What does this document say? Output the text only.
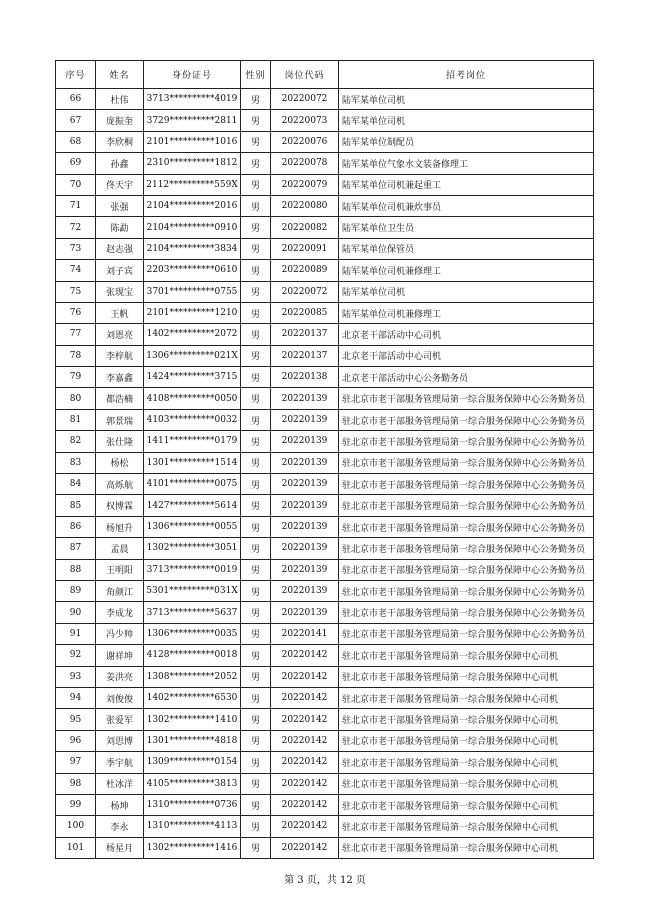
序号	姓名	身份证号	性别	岗位代码	招考岗位
66	杜伟	3713**********4019	男	20220072	陆军某单位司机
67	庞振奎	3729**********2811	男	20220073	陆军某单位司机
68	李欣桐	2101**********1016	男	20220076	陆军某单位制配员
69	孙鑫	2310**********1812	男	20220078	陆军某单位气象水文装备修理工
70	佟天宇	2112**********559X	男	20220079	陆军某单位司机兼起重工
71	张强	2104**********2016	男	20220080	陆军某单位司机兼炊事员
72	陈勐	2104**********0910	男	20220082	陆军某单位卫生员
73	赵志强	2104**********3834	男	20220091	陆军某单位保管员
74	刘子宾	2203**********0610	男	20220089	陆军某单位司机兼修理工
75	张现宝	3701**********0755	男	20220072	陆军某单位司机
76	王帆	2101**********1210	男	20220085	陆军某单位司机兼修理工
77	刘恩亮	1402**********2072	男	20220137	北京老干部活动中心司机
78	李梓航	1306**********021X	男	20220137	北京老干部活动中心司机
79	李嘉鑫	1424**********3715	男	20220138	北京老干部活动中心公务勤务员
80	都浩楠	4108**********0050	男	20220139	驻北京市老干部服务管理局第一综合服务保障中心公务勤务员
81	郭景瑞	4103**********0032	男	20220139	驻北京市老干部服务管理局第一综合服务保障中心公务勤务员
82	张仕隆	1411**********0179	男	20220139	驻北京市老干部服务管理局第一综合服务保障中心公务勤务员
83	杨松	1301**********1514	男	20220139	驻北京市老干部服务管理局第一综合服务保障中心公务勤务员
84	高烁航	4101**********0075	男	20220139	驻北京市老干部服务管理局第一综合服务保障中心公务勤务员
85	权博霖	1427**********5614	男	20220139	驻北京市老干部服务管理局第一综合服务保障中心公务勤务员
86	杨旭升	1306**********0055	男	20220139	驻北京市老干部服务管理局第一综合服务保障中心公务勤务员
87	孟晨	1302**********3051	男	20220139	驻北京市老干部服务管理局第一综合服务保障中心公务勤务员
88	王明阳	3713**********0019	男	20220139	驻北京市老干部服务管理局第一综合服务保障中心公务勤务员
89	角颜江	5301**********031X	男	20220139	驻北京市老干部服务管理局第一综合服务保障中心公务勤务员
90	李成龙	3713**********5637	男	20220139	驻北京市老干部服务管理局第一综合服务保障中心公务勤务员
91	冯少帅	1306**********0035	男	20220141	驻北京市老干部服务管理局第一综合服务保障中心公务勤务员
92	谢祥坤	4128**********0018	男	20220142	驻北京市老干部服务管理局第一综合服务保障中心司机
93	姜洪亮	1308**********2052	男	20220142	驻北京市老干部服务管理局第一综合服务保障中心司机
94	刘俊俊	1402**********6530	男	20220142	驻北京市老干部服务管理局第一综合服务保障中心司机
95	张爱军	1302**********1410	男	20220142	驻北京市老干部服务管理局第一综合服务保障中心司机
96	刘思博	1301**********4818	男	20220142	驻北京市老干部服务管理局第一综合服务保障中心司机
97	季宇航	1309**********0154	男	20220142	驻北京市老干部服务管理局第一综合服务保障中心司机
98	杜冰洋	4105**********3813	男	20220142	驻北京市老干部服务管理局第一综合服务保障中心司机
99	杨坤	1310**********0736	男	20220142	驻北京市老干部服务管理局第一综合服务保障中心司机
100	李永	1310**********4113	男	20220142	驻北京市老干部服务管理局第一综合服务保障中心司机
101	杨星月	1302**********1416	男	20220142	驻北京市老干部服务管理局第一综合服务保障中心司机
第 3 页，共 12 页
